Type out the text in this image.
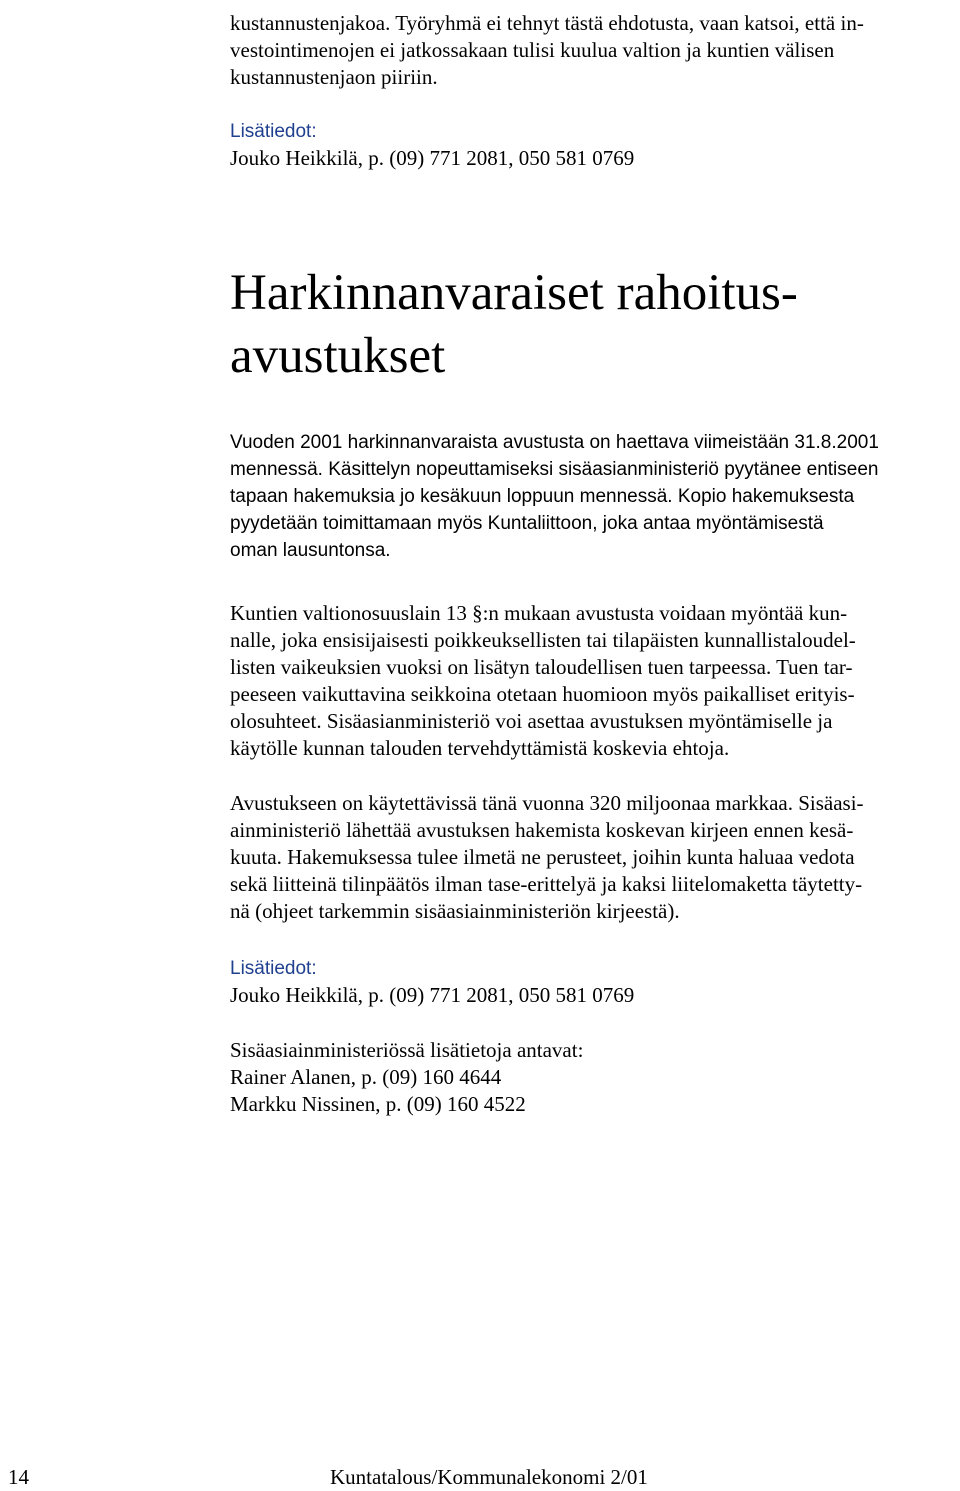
kustannustenjakoa. Työryhmä ei tehnyt tästä ehdotusta, vaan katsoi, että in-
vestointimenojen ei jatkossakaan tulisi kuulua valtion ja kuntien välisen
kustannustenjaon piiriin.
Lisätiedot:
Jouko Heikkilä, p. (09) 771 2081, 050 581 0769
Harkinnanvaraiset rahoitus-
avustukset
Vuoden 2001 harkinnanvaraista avustusta on haettava viimeistään 31.8.2001
mennessä. Käsittelyn nopeuttamiseksi sisäasianministeriö pyytänee entiseen
tapaan hakemuksia jo kesäkuun loppuun mennessä. Kopio hakemuksesta
pyydetään toimittamaan myös Kuntaliittoon, joka antaa myöntämisestä
oman lausuntonsa.
Kuntien valtionosuuslain 13 §:n mukaan avustusta voidaan myöntää kun-
nalle, joka ensisijaisesti poikkeuksellisten tai tilapäisten kunnallistaloudel-
listen vaikeuksien vuoksi on lisätyn taloudellisen tuen tarpeessa. Tuen tar-
peeseen vaikuttavina seikkoina otetaan huomioon myös paikalliset erityis-
olosuhteet. Sisäasianministeriö voi asettaa avustuksen myöntämiselle ja
käytölle kunnan talouden tervehdyttämistä koskevia ehtoja.
Avustukseen on käytettävissä tänä vuonna 320 miljoonaa markkaa. Sisäasi-
ainministeriö lähettää avustuksen hakemista koskevan kirjeen ennen kesä-
kuuta. Hakemuksessa tulee ilmetä ne perusteet, joihin kunta haluaa vedota
sekä liitteinä tilinpäätös ilman tase-erittelyä ja kaksi liitelomaketta täytetty-
nä (ohjeet tarkemmin sisäasiainministeriön kirjeestä).
Lisätiedot:
Jouko Heikkilä, p. (09) 771 2081, 050 581 0769
Sisäasiainministeriössä lisätietoja antavat:
Rainer Alanen, p. (09) 160 4644
Markku Nissinen, p. (09) 160 4522
14	Kuntatalous/Kommunalekonomi 2/01
